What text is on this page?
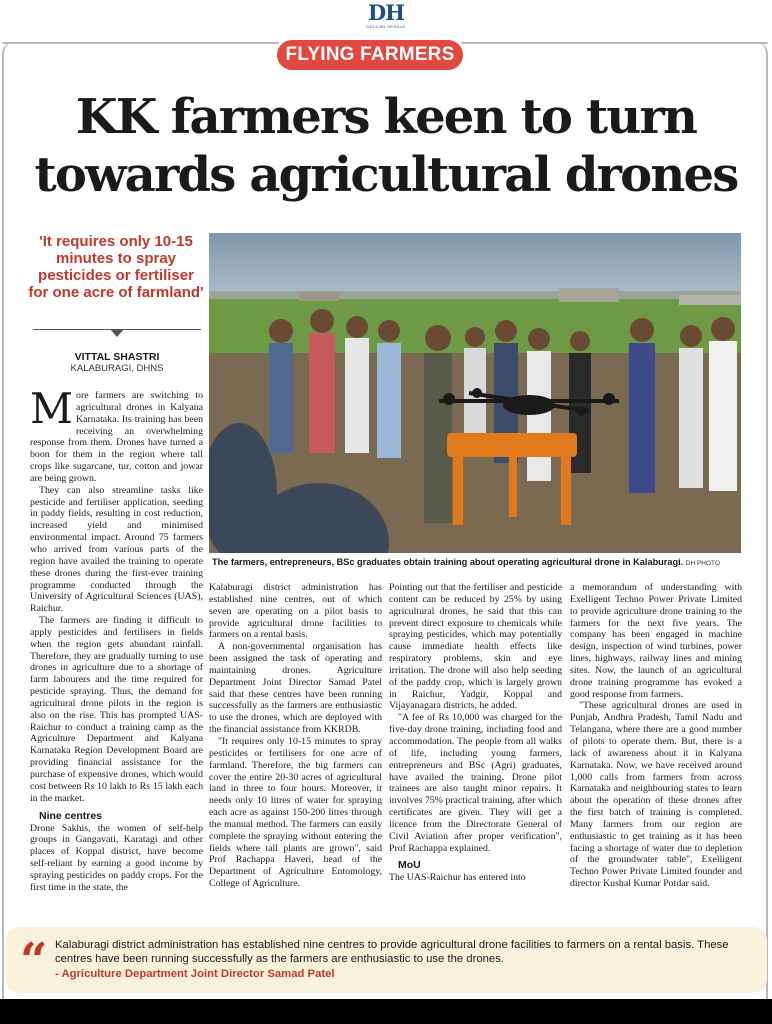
DH
DECCAN HERALD
FLYING FARMERS
KK farmers keen to turn towards agricultural drones
'It requires only 10-15 minutes to spray pesticides or fertiliser for one acre of farmland'
VITTAL SHASTRI
KALABURAGI, DHNS
The farmers, entrepreneurs, BSc graduates obtain training about operating agricultural drone in Kalaburagi. DH PHOTO

More farmers are switching to agricultural drones in Kalyana Karnataka. Its training has been receiving an overwhelming response from them. Drones have turned a boon for them in the region where tall crops like sugarcane, tur, cotton and jowar are being grown.

They can also streamline tasks like pesticide and fertiliser application, seeding in paddy fields, resulting in cost reduction, increased yield and minimised environmental impact. Around 75 farmers who arrived from various parts of the region have availed the training to operate these drones during the first-ever training programme conducted through the University of Agricultural Sciences (UAS), Raichur.

The farmers are finding it difficult to apply pesticides and fertilisers in fields when the region gets abundant rainfall. Therefore, they are gradually turning to use drones in agriculture due to a shortage of farm labourers and the time required for pesticide spraying. Thus, the demand for agricultural drone pilots in the region is also on the rise. This has prompted UAS-Raichur to conduct a training camp as the Agriculture Department and Kalyana Karnataka Region Development Board are providing financial assistance for the purchase of expensive drones, which would cost between Rs 10 lakh to Rs 15 lakh each in the market.

Nine centres

Drone Sakhis, the women of self-help groups in Gangavati, Karatagi and other places of Koppal district, have become self-reliant by earning a good income by spraying pesticides on paddy crops. For the first time in the state, the

Kalaburagi district administration has established nine centres, out of which seven are operating on a pilot basis to provide agricultural drone facilities to farmers on a rental basis.

A non-governmental organisation has been assigned the task of operating and maintaining drones. Agriculture Department Joint Director Samad Patel said that these centres have been running successfully as the farmers are enthusiastic to use the drones, which are deployed with the financial assistance from KKRDB.

"It requires only 10-15 minutes to spray pesticides or fertilisers for one acre of farmland. Therefore, the big farmers can cover the entire 20-30 acres of agricultural land in three to four hours. Moreover, it needs only 10 litres of water for spraying each acre as against 150-200 litres through the manual method. The farmers can easily complete the spraying without entering the fields where tall plants are grown", said Prof Rachappa Haveri, head of the Department of Agriculture Entomology, College of Agriculture.

Pointing out that the fertiliser and pesticide content can be reduced by 25% by using agricultural drones, he said that this can prevent direct exposure to chemicals while spraying pesticides, which may potentially cause immediate health effects like respiratory problems, skin and eye irritation. The drone will also help seeding of the paddy crop, which is largely grown in Raichur, Yadgir, Koppal and Vijayanagara districts, he added.

"A fee of Rs 10,000 was charged for the five-day drone training, including food and accommodation. The people from all walks of life, including young farmers, entrepreneurs and BSc (Agri) graduates, have availed the training. Drone pilot trainees are also taught minor repairs. It involves 75% practical training, after which certificates are given. They will get a licence from the Directorate General of Civil Aviation after proper verification", Prof Rachappa explained.

MoU

The UAS-Raichur has entered into

a memorandum of understanding with Exelligent Techno Power Private Limited to provide agriculture drone training to the farmers for the next five years. The company has been engaged in machine design, inspection of wind turbines, power lines, highways, railway lines and mining sites. Now, the launch of an agricultural drone training programme has evoked a good response from farmers.

"These agricultural drones are used in Punjab, Andhra Pradesh, Tamil Nadu and Telangana, where there are a good number of pilots to operate them. But, there is a lack of awareness about it in Kalyana Karnataka. Now, we have received around 1,000 calls from farmers from across Karnataka and neighbouring states to learn about the operation of these drones after the first batch of training is completed. Many farmers from our region are enthusiastic to get training as it has been facing a shortage of water due to depletion of the groundwater table", Exelligent Techno Power Private Limited founder and director Kushal Kumar Potdar said.

“ Kalaburagi district administration has established nine centres to provide agricultural drone facilities to farmers on a rental basis. These centres have been running successfully as the farmers are enthusiastic to use the drones.
- Agriculture Department Joint Director Samad Patel
